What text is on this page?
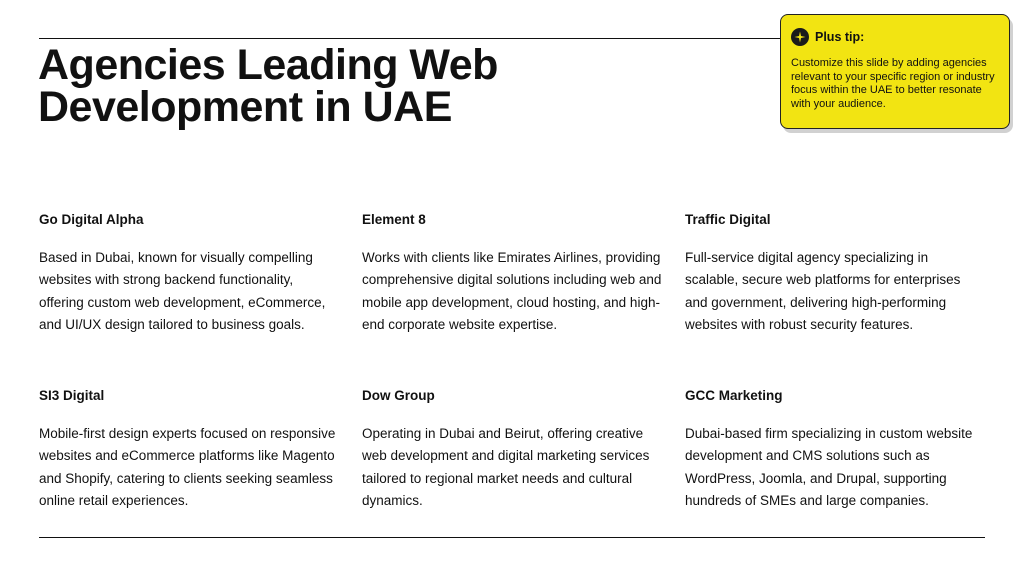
Agencies Leading Web
Development in UAE
Plus tip:
Customize this slide by adding agencies relevant to your specific region or industry focus within the UAE to better resonate with your audience.

Go Digital Alpha

Based in Dubai, known for visually compelling websites with strong backend functionality, offering custom web development, eCommerce, and UI/UX design tailored to business goals.

Element 8

Works with clients like Emirates Airlines, providing comprehensive digital solutions including web and mobile app development, cloud hosting, and high-end corporate website expertise.

Traffic Digital

Full-service digital agency specializing in scalable, secure web platforms for enterprises and government, delivering high-performing websites with robust security features.

SI3 Digital

Mobile-first design experts focused on responsive websites and eCommerce platforms like Magento and Shopify, catering to clients seeking seamless online retail experiences.

Dow Group

Operating in Dubai and Beirut, offering creative web development and digital marketing services tailored to regional market needs and cultural dynamics.

GCC Marketing

Dubai-based firm specializing in custom website development and CMS solutions such as WordPress, Joomla, and Drupal, supporting hundreds of SMEs and large companies.
